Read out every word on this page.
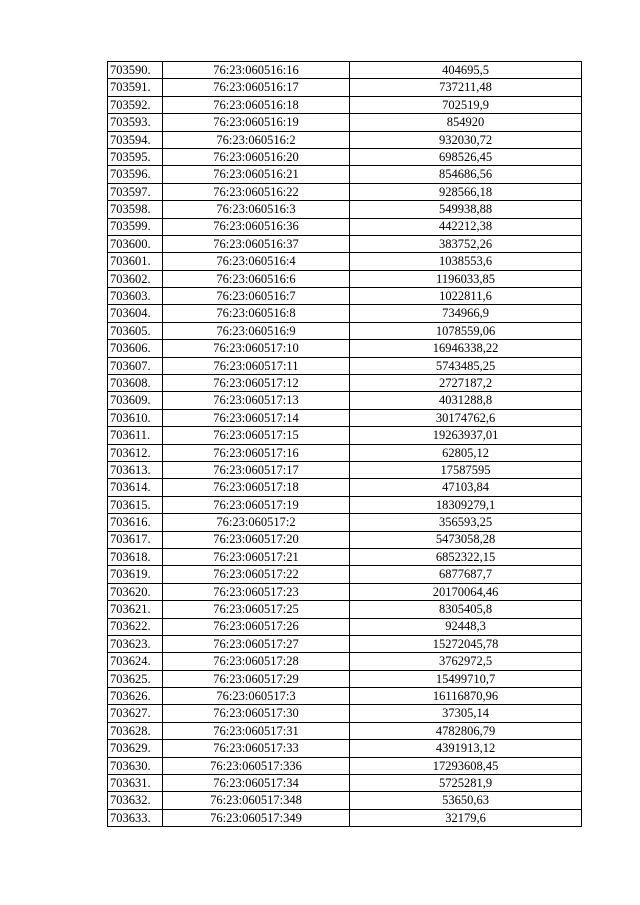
703590.	76:23:060516:16	404695,5
703591.	76:23:060516:17	737211,48
703592.	76:23:060516:18	702519,9
703593.	76:23:060516:19	854920
703594.	76:23:060516:2	932030,72
703595.	76:23:060516:20	698526,45
703596.	76:23:060516:21	854686,56
703597.	76:23:060516:22	928566,18
703598.	76:23:060516:3	549938,88
703599.	76:23:060516:36	442212,38
703600.	76:23:060516:37	383752,26
703601.	76:23:060516:4	1038553,6
703602.	76:23:060516:6	1196033,85
703603.	76:23:060516:7	1022811,6
703604.	76:23:060516:8	734966,9
703605.	76:23:060516:9	1078559,06
703606.	76:23:060517:10	16946338,22
703607.	76:23:060517:11	5743485,25
703608.	76:23:060517:12	2727187,2
703609.	76:23:060517:13	4031288,8
703610.	76:23:060517:14	30174762,6
703611.	76:23:060517:15	19263937,01
703612.	76:23:060517:16	62805,12
703613.	76:23:060517:17	17587595
703614.	76:23:060517:18	47103,84
703615.	76:23:060517:19	18309279,1
703616.	76:23:060517:2	356593,25
703617.	76:23:060517:20	5473058,28
703618.	76:23:060517:21	6852322,15
703619.	76:23:060517:22	6877687,7
703620.	76:23:060517:23	20170064,46
703621.	76:23:060517:25	8305405,8
703622.	76:23:060517:26	92448,3
703623.	76:23:060517:27	15272045,78
703624.	76:23:060517:28	3762972,5
703625.	76:23:060517:29	15499710,7
703626.	76:23:060517:3	16116870,96
703627.	76:23:060517:30	37305,14
703628.	76:23:060517:31	4782806,79
703629.	76:23:060517:33	4391913,12
703630.	76:23:060517:336	17293608,45
703631.	76:23:060517:34	5725281,9
703632.	76:23:060517:348	53650,63
703633.	76:23:060517:349	32179,6
